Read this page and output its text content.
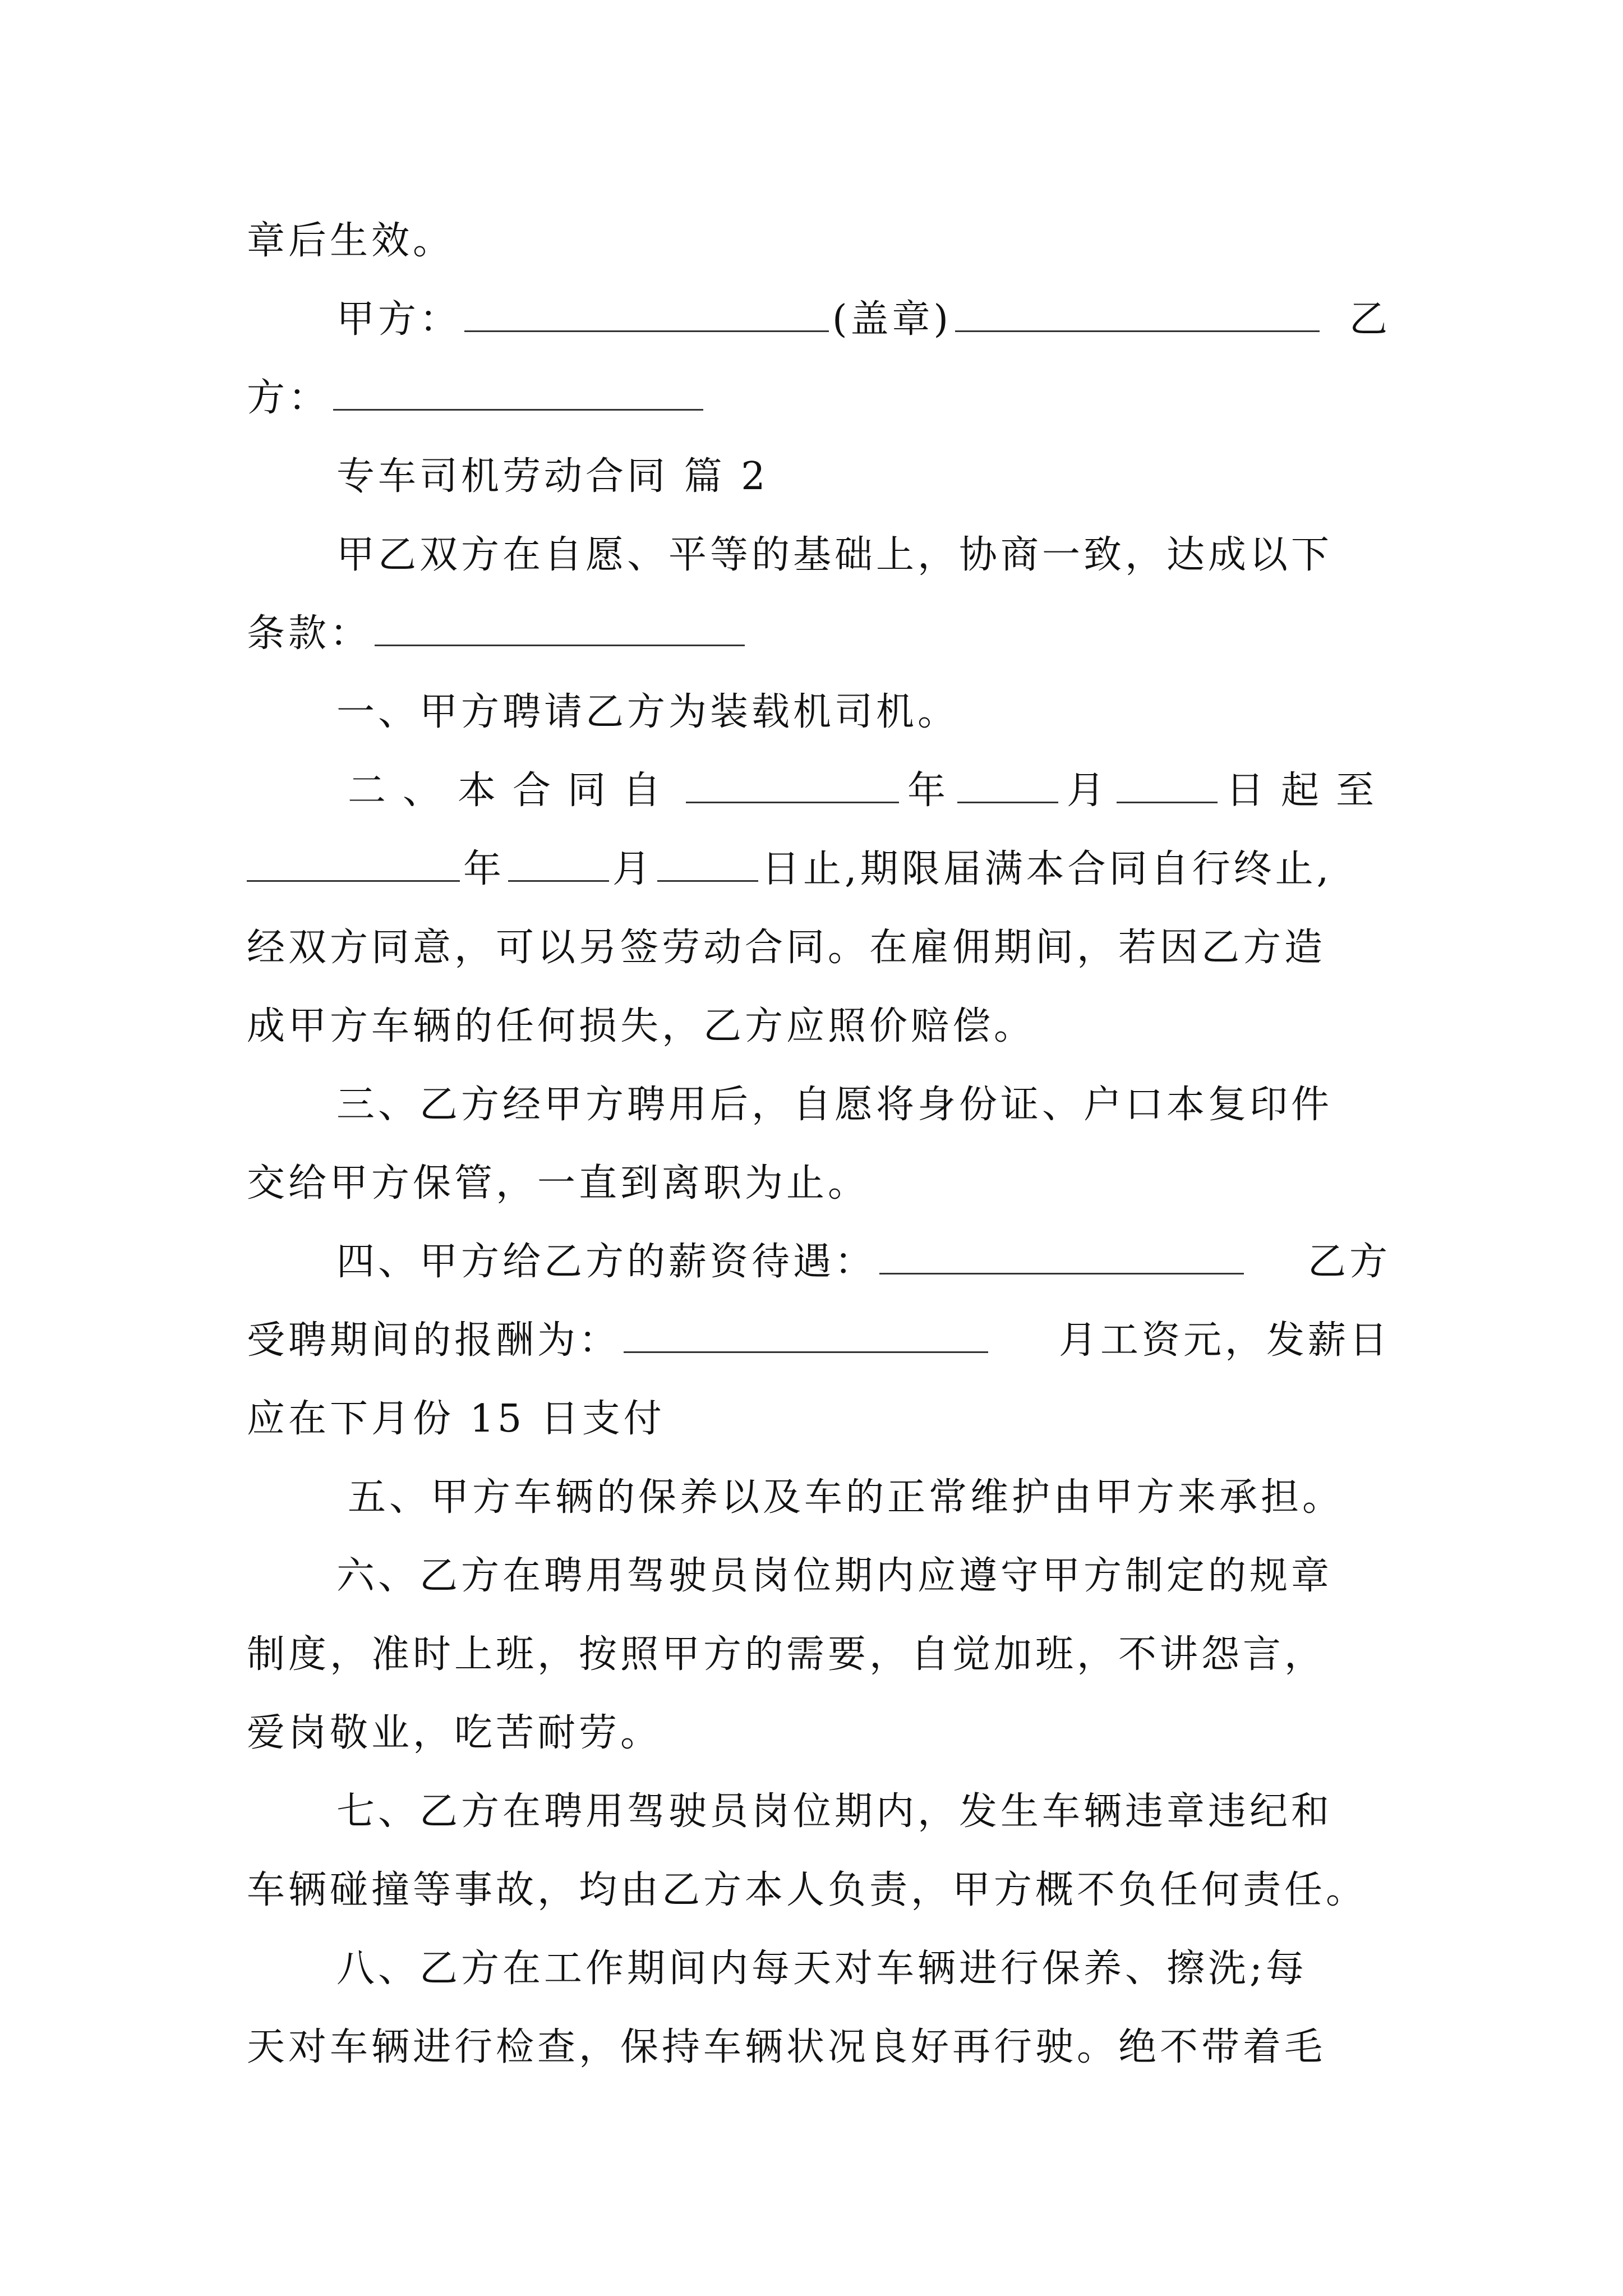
章后生效。
甲方：	(盖章)	乙
方：
专车司机劳动合同 篇 2
甲乙双方在自愿、平等的基础上，协商一致，达成以下
条款：
一、甲方聘请乙方为装载机司机。
二、本合同自	年	月	日起至
年	月	日止,期限届满本合同自行终止,
经双方同意，可以另签劳动合同。在雇佣期间，若因乙方造
成甲方车辆的任何损失，乙方应照价赔偿。
三、乙方经甲方聘用后，自愿将身份证、户口本复印件
交给甲方保管，一直到离职为止。
四、甲方给乙方的薪资待遇：	乙方
受聘期间的报酬为：	月工资元，发薪日
应在下月份 15 日支付
五、甲方车辆的保养以及车的正常维护由甲方来承担。
六、乙方在聘用驾驶员岗位期内应遵守甲方制定的规章
制度，准时上班，按照甲方的需要，自觉加班，不讲怨言，
爱岗敬业，吃苦耐劳。
七、乙方在聘用驾驶员岗位期内，发生车辆违章违纪和
车辆碰撞等事故，均由乙方本人负责，甲方概不负任何责任。
八、乙方在工作期间内每天对车辆进行保养、擦洗;每
天对车辆进行检查，保持车辆状况良好再行驶。绝不带着毛
